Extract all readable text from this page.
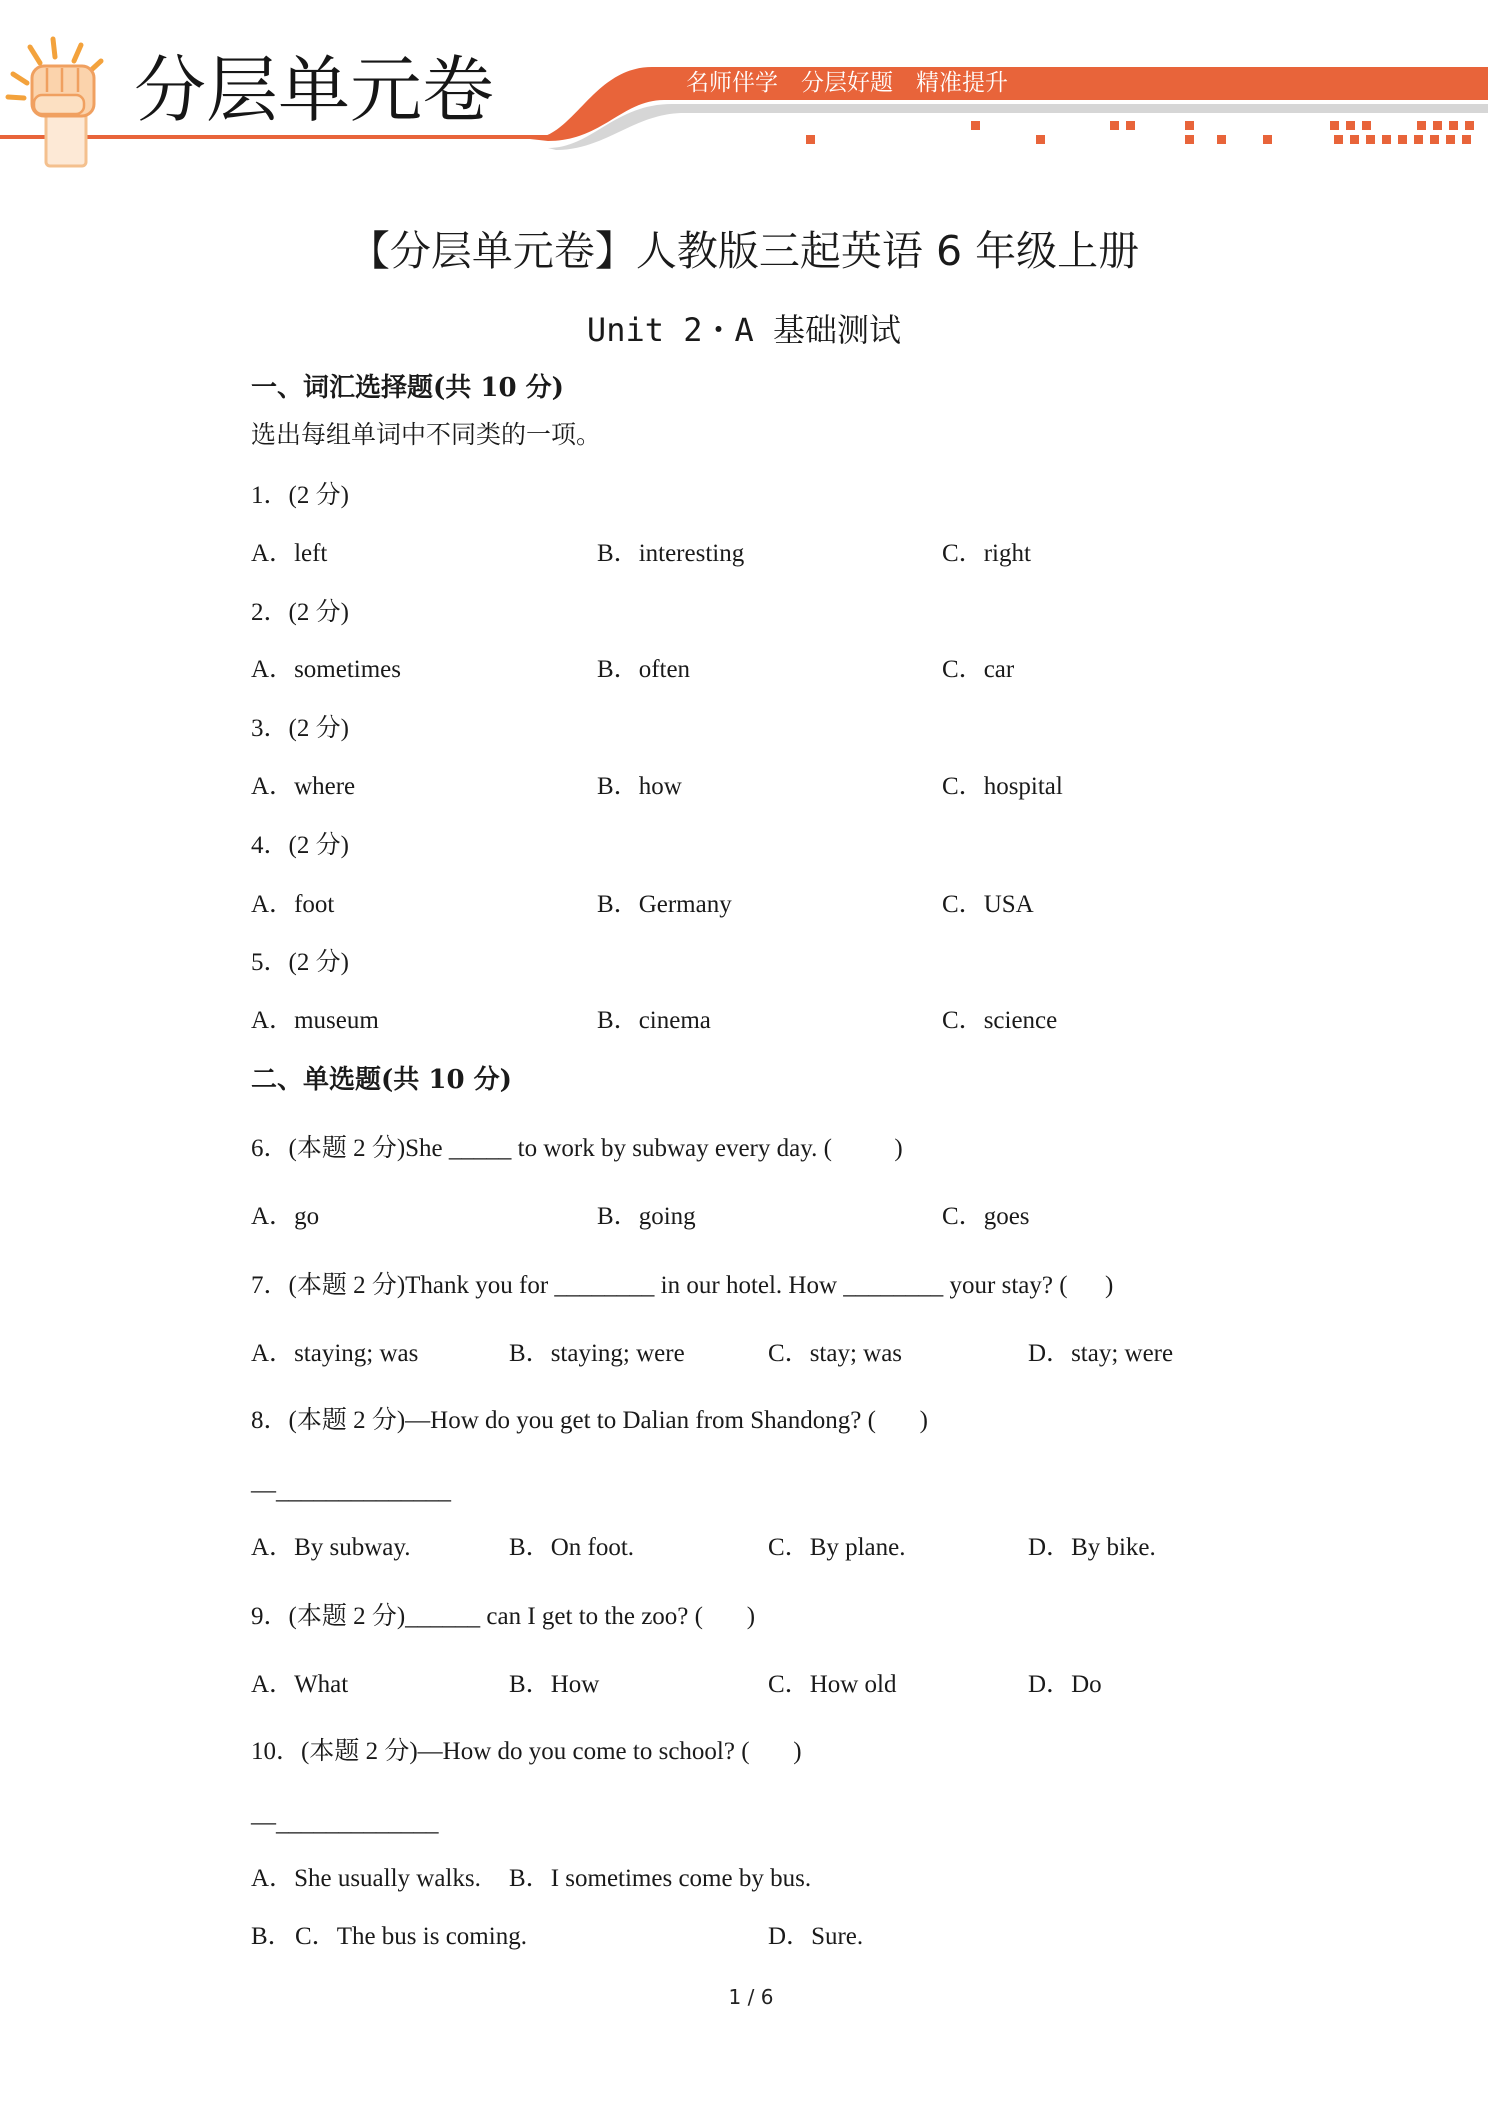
分层单元卷	名师伴学　分层好题　精准提升
【分层单元卷】人教版三起英语 6 年级上册
Unit 2・A 基础测试
一、词汇选择题(共 10 分)
选出每组单词中不同类的一项。
1．(2 分)
A．left	B．interesting	C．right
2．(2 分)
A．sometimes	B．often	C．car
3．(2 分)
A．where	B．how	C．hospital
4．(2 分)
A．foot	B．Germany	C．USA
5．(2 分)
A．museum	B．cinema	C．science
二、单选题(共 10 分)
6．(本题 2 分)She _____ to work by subway every day. (          )
A．go	B．going	C．goes
7．(本题 2 分)Thank you for ________ in our hotel. How ________ your stay? (      )
A．staying; was	B．staying; were	C．stay; was	D．stay; were
8．(本题 2 分)—How do you get to Dalian from Shandong? (       )
—______________
A．By subway.	B．On foot.	C．By plane.	D．By bike.
9．(本题 2 分)______ can I get to the zoo? (       )
A．What	B．How	C．How old	D．Do
10．(本题 2 分)—How do you come to school? (       )
—_____________
A．She usually walks. B．I sometimes come by bus.
B． C．The bus is coming.	D．Sure.
1 / 6
